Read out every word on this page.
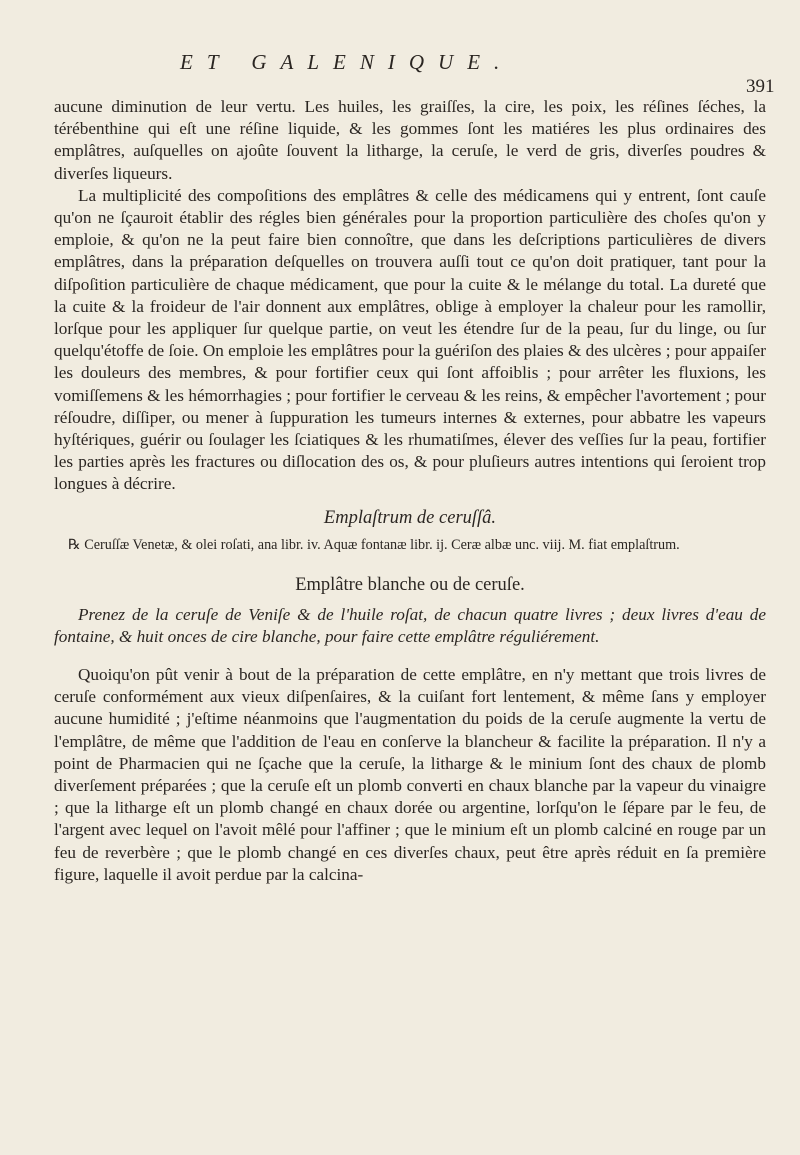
ET GALENIQUE.
391

aucune diminution de leur vertu. Les huiles, les graiſſes, la cire, les poix, les réſines ſéches, la térébenthine qui eſt une réſine liquide, & les gommes ſont les matiéres les plus ordinaires des emplâtres, auſquelles on ajoûte ſouvent la litharge, la ceruſe, le verd de gris, diverſes poudres & diverſes liqueurs.

La multiplicité des compoſitions des emplâtres & celle des médicamens qui y entrent, ſont cauſe qu'on ne ſçauroit établir des régles bien générales pour la proportion particulière des choſes qu'on y emploie, & qu'on ne la peut faire bien connoître, que dans les deſcriptions particulières de divers emplâtres, dans la préparation deſquelles on trouvera auſſi tout ce qu'on doit pratiquer, tant pour la diſpoſition particulière de chaque médicament, que pour la cuite & le mélange du total. La dureté que la cuite & la froideur de l'air donnent aux emplâtres, oblige à employer la chaleur pour les ramollir, lorſque pour les appliquer ſur quelque partie, on veut les étendre ſur de la peau, ſur du linge, ou ſur quelqu'étoffe de ſoie. On emploie les emplâtres pour la guériſon des plaies & des ulcères ; pour appaiſer les douleurs des membres, & pour fortifier ceux qui ſont affoiblis ; pour arrêter les fluxions, les vomiſſemens & les hémorrhagies ; pour fortifier le cerveau & les reins, & empêcher l'avortement ; pour réſoudre, diſſiper, ou mener à ſuppuration les tumeurs internes & externes, pour abbatre les vapeurs hyſtériques, guérir ou ſoulager les ſciatiques & les rhumatiſmes, élever des veſſies ſur la peau, fortifier les parties après les fractures ou diſlocation des os, & pour pluſieurs autres intentions qui ſeroient trop longues à décrire.

Emplaſtrum de ceruſſâ.

℞ Ceruſſæ Venetæ, & olei roſati, ana libr. iv. Aquæ fontanæ libr. ij. Ceræ albæ unc. viij. M. fiat emplaſtrum.

Emplâtre blanche ou de ceruſe.

Prenez de la ceruſe de Veniſe & de l'huile roſat, de chacun quatre livres ; deux livres d'eau de fontaine, & huit onces de cire blanche, pour faire cette emplâtre réguliérement.

Quoiqu'on pût venir à bout de la préparation de cette emplâtre, en n'y mettant que trois livres de ceruſe conformément aux vieux diſpenſaires, & la cuiſant fort lentement, & même ſans y employer aucune humidité ; j'eſtime néanmoins que l'augmentation du poids de la ceruſe augmente la vertu de l'emplâtre, de même que l'addition de l'eau en conſerve la blancheur & facilite la préparation. Il n'y a point de Pharmacien qui ne ſçache que la ceruſe, la litharge & le minium ſont des chaux de plomb diverſement préparées ; que la ceruſe eſt un plomb converti en chaux blanche par la vapeur du vinaigre ; que la litharge eſt un plomb changé en chaux dorée ou argentine, lorſqu'on le ſépare par le feu, de l'argent avec lequel on l'avoit mêlé pour l'affiner ; que le minium eſt un plomb calciné en rouge par un feu de reverbère ; que le plomb changé en ces diverſes chaux, peut être après réduit en ſa première figure, laquelle il avoit perdue par la calcina-
